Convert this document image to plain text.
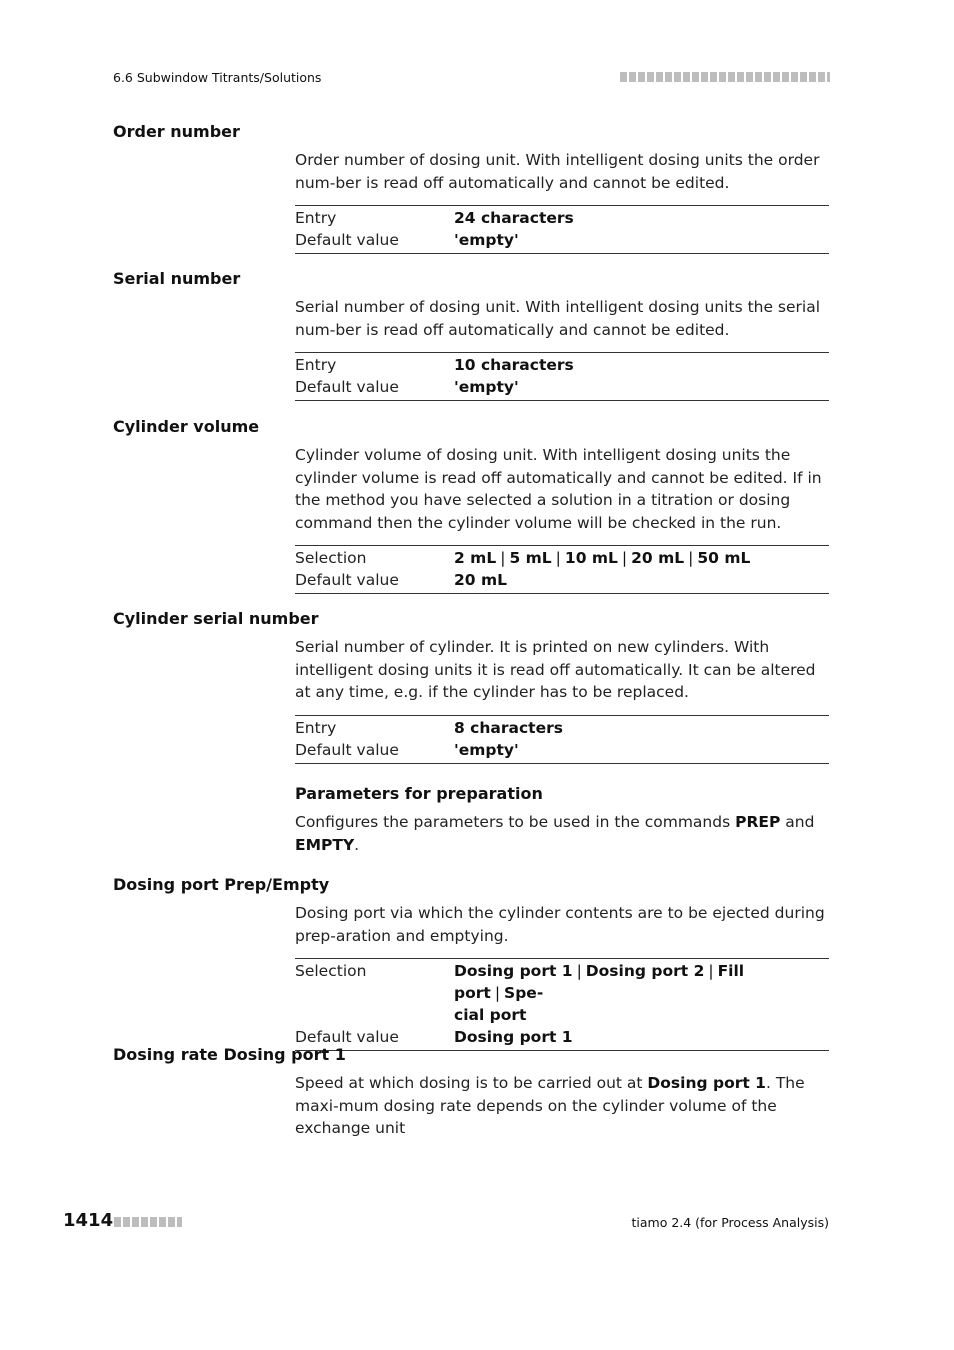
6.6 Subwindow Titrants/Solutions
Order number
Order number of dosing unit. With intelligent dosing units the order num-ber is read off automatically and cannot be edited.
Entry	24 characters
Default value	'empty'
Serial number
Serial number of dosing unit. With intelligent dosing units the serial num-ber is read off automatically and cannot be edited.
Entry	10 characters
Default value	'empty'
Cylinder volume
Cylinder volume of dosing unit. With intelligent dosing units the cylinder volume is read off automatically and cannot be edited. If in the method you have selected a solution in a titration or dosing command then the cylinder volume will be checked in the run.
Selection	2 mL | 5 mL | 10 mL | 20 mL | 50 mL
Default value	20 mL
Cylinder serial number
Serial number of cylinder. It is printed on new cylinders. With intelligent dosing units it is read off automatically. It can be altered at any time, e.g. if the cylinder has to be replaced.
Entry	8 characters
Default value	'empty'
Parameters for preparation
Configures the parameters to be used in the commands PREP and
EMPTY.
Dosing port Prep/Empty
Dosing port via which the cylinder contents are to be ejected during prep-aration and emptying.
Selection	Dosing port 1 | Dosing port 2 | Fill port | Spe-
cial port
Default value	Dosing port 1
Dosing rate Dosing port 1
Speed at which dosing is to be carried out at Dosing port 1. The maxi-mum dosing rate depends on the cylinder volume of the exchange unit
1414	tiamo 2.4 (for Process Analysis)
